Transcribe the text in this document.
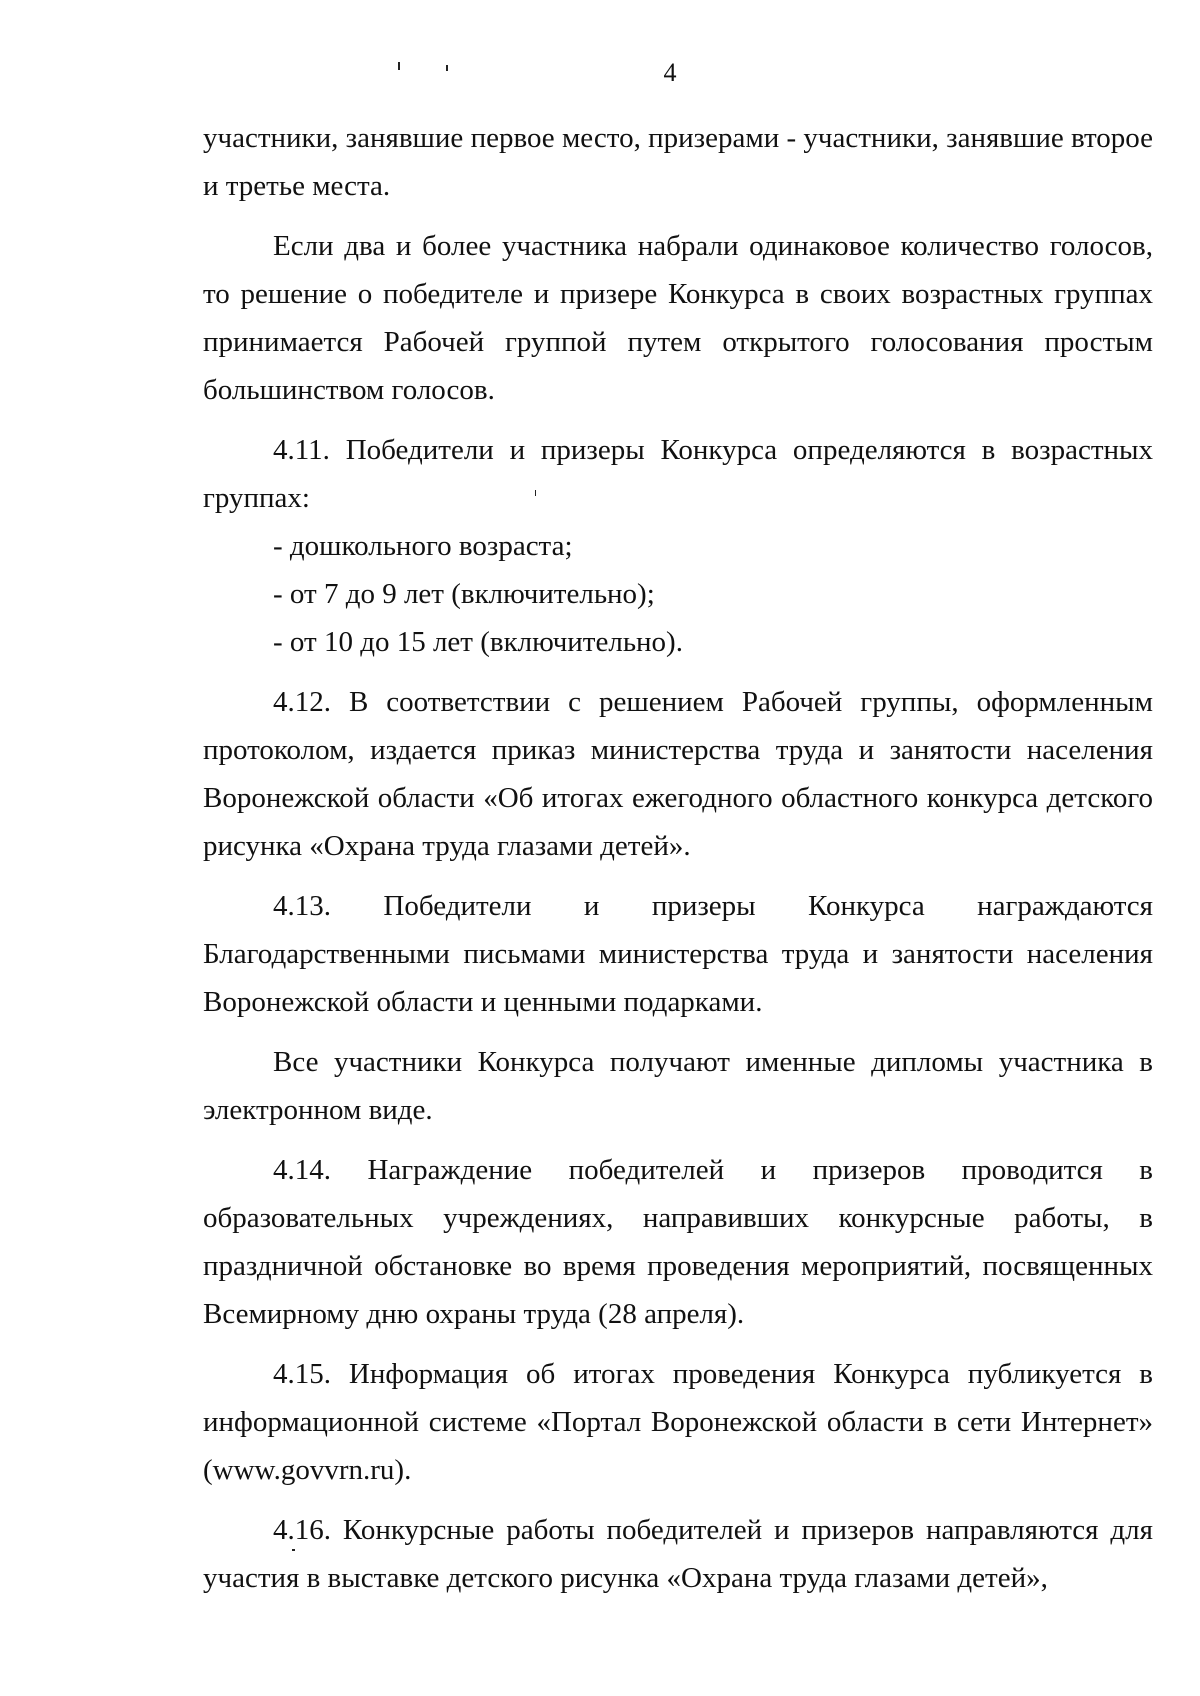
4

участники, занявшие первое место, призерами - участники, занявшие второе и третье места.

Если два и более участника набрали одинаковое количество голосов, то решение о победителе и призере Конкурса в своих возрастных группах принимается Рабочей группой путем открытого голосования простым большинством голосов.

4.11. Победители и призеры Конкурса определяются в возрастных группах:

- дошкольного возраста;

- от 7 до 9 лет (включительно);

- от 10 до 15 лет (включительно).

4.12. В соответствии с решением Рабочей группы, оформленным протоколом, издается приказ министерства труда и занятости населения Воронежской области «Об итогах ежегодного областного конкурса детского рисунка «Охрана труда глазами детей».

4.13. Победители и призеры Конкурса награждаются Благодарственными письмами министерства труда и занятости населения Воронежской области и ценными подарками.

Все участники Конкурса получают именные дипломы участника в электронном виде.

4.14. Награждение победителей и призеров проводится в образовательных учреждениях, направивших конкурсные работы, в праздничной обстановке во время проведения мероприятий, посвященных Всемирному дню охраны труда (28 апреля).

4.15. Информация об итогах проведения Конкурса публикуется в информационной системе «Портал Воронежской области в сети Интернет» (www.govvrn.ru).

4.16. Конкурсные работы победителей и призеров направляются для участия в выставке детского рисунка «Охрана труда глазами детей»,
